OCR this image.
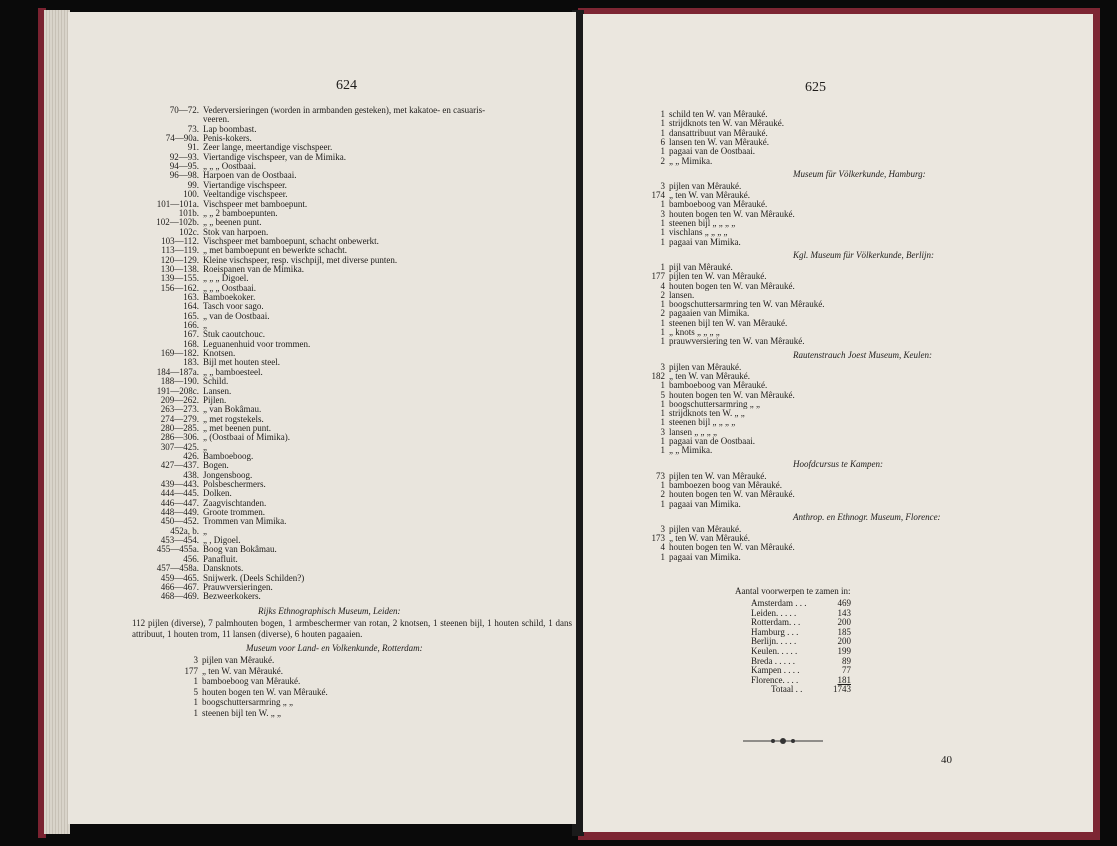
624
70—72. Vederversieringen (worden in armbanden gesteken), met kakatoe- en casuaris-
veeren.
73. Lap boombast.
74—90a. Penis-kokers.
91. Zeer lange, meertandige vischspeer.
92—93. Viertandige vischspeer, van de Mimika.
94—95. „ „ „ Oostbaai.
96—98. Harpoen van de Oostbaai.
99. Viertandige vischspeer.
100. Veeltandige vischspeer.
101—101a. Vischspeer met bamboepunt.
101b. „ „ 2 bamboepunten.
102—102b. „ „ beenen punt.
102c. Stok van harpoen.
103—112. Vischspeer met bamboepunt, schacht onbewerkt.
113—119. „ met bamboepunt en bewerkte schacht.
120—129. Kleine vischspeer, resp. vischpijl, met diverse punten.
130—138. Roeispanen van de Mimika.
139—155. „ „ „ Digoel.
156—162. „ „ „ Oostbaai.
163. Bamboekoker.
164. Tasch voor sago.
165. „ van de Oostbaai.
166. „
167. Stuk caoutchouc.
168. Leguanenhuid voor trommen.
169—182. Knotsen.
183. Bijl met houten steel.
184—187a. „ „ bamboesteel.
188—190. Schild.
191—208c. Lansen.
209—262. Pijlen.
263—273. „ van Bokâmau.
274—279. „ met rogstekels.
280—285. „ met beenen punt.
286—306. „ (Oostbaai of Mimika).
307—425. „
426. Bamboeboog.
427—437. Bogen.
438. Jongensboog.
439—443. Polsbeschermers.
444—445. Dolken.
446—447. Zaagvischtanden.
448—449. Groote trommen.
450—452. Trommen van Mimika.
452a, b. „
453—454. „ , Digoel.
455—455a. Boog van Bokâmau.
456. Panafluit.
457—458a. Dansknots.
459—465. Snijwerk. (Deels Schilden?)
466—467. Prauwversieringen.
468—469. Bezweerkokers.
Rijks Ethnographisch Museum, Leiden:
112 pijlen (diverse), 7 palmhouten bogen, 1 armbeschermer van rotan, 2 knotsen, 1 steenen bijl, 1 houten schild, 1 dans attribuut, 1 houten trom, 11 lansen (diverse), 6 houten pagaaien.
Museum voor Land- en Volkenkunde, Rotterdam:
3 pijlen van Mêrauké.
177 „ ten W. van Mêrauké.
1 bamboeboog van Mêrauké.
5 houten bogen ten W. van Mêrauké.
1 boogschuttersarmring „ „
1 steenen bijl ten W. „ „
625
1 schild ten W. van Mêrauké.
1 strijdknots ten W. van Mêrauké.
1 dansattribuut van Mêrauké.
6 lansen ten W. van Mêrauké.
1 pagaai van de Oostbaai.
2 „ „ Mimika.
Museum für Völkerkunde, Hamburg:
3 pijlen van Mêrauké.
174 „ ten W. van Mêrauké.
1 bamboeboog van Mêrauké.
3 houten bogen ten W. van Mêrauké.
1 steenen bijl „ „ „ „
1 vischlans „ „ „ „
1 pagaai van Mimika.
Kgl. Museum für Völkerkunde, Berlijn:
1 pijl van Mêrauké.
177 pijlen ten W. van Mêrauké.
4 houten bogen ten W. van Mêrauké.
2 lansen.
1 boogschuttersarmring ten W. van Mêrauké.
2 pagaaien van Mimika.
1 steenen bijl ten W. van Mêrauké.
1 „ knots „ „ „ „
1 prauwversiering ten W. van Mêrauké.
Rautenstrauch Joest Museum, Keulen:
3 pijlen van Mêrauké.
182 „ ten W. van Mêrauké.
1 bamboeboog van Mêrauké.
5 houten bogen ten W. van Mêrauké.
1 boogschuttersarmring „ „
1 strijdknots ten W. „ „
1 steenen bijl „ „ „ „
3 lansen „ „ „ „
1 pagaai van de Oostbaai.
1 „ „ Mimika.
Hoofdcursus te Kampen:
73 pijlen ten W. van Mêrauké.
1 bamboezen boog van Mêrauké.
2 houten bogen ten W. van Mêrauké.
1 pagaai van Mimika.
Anthrop. en Ethnogr. Museum, Florence:
3 pijlen van Mêrauké.
173 „ ten W. van Mêrauké.
4 houten bogen ten W. van Mêrauké.
1 pagaai van Mimika.
Aantal voorwerpen te zamen in:
Amsterdam . . .	469
Leiden. . . . .	143
Rotterdam. . .	200
Hamburg . . .	185
Berlijn. . . . .	200
Keulen. . . . .	199
Breda . . . . .	89
Kampen . . . .	77
Florence. . . .	181
Totaal . .	1743
40
